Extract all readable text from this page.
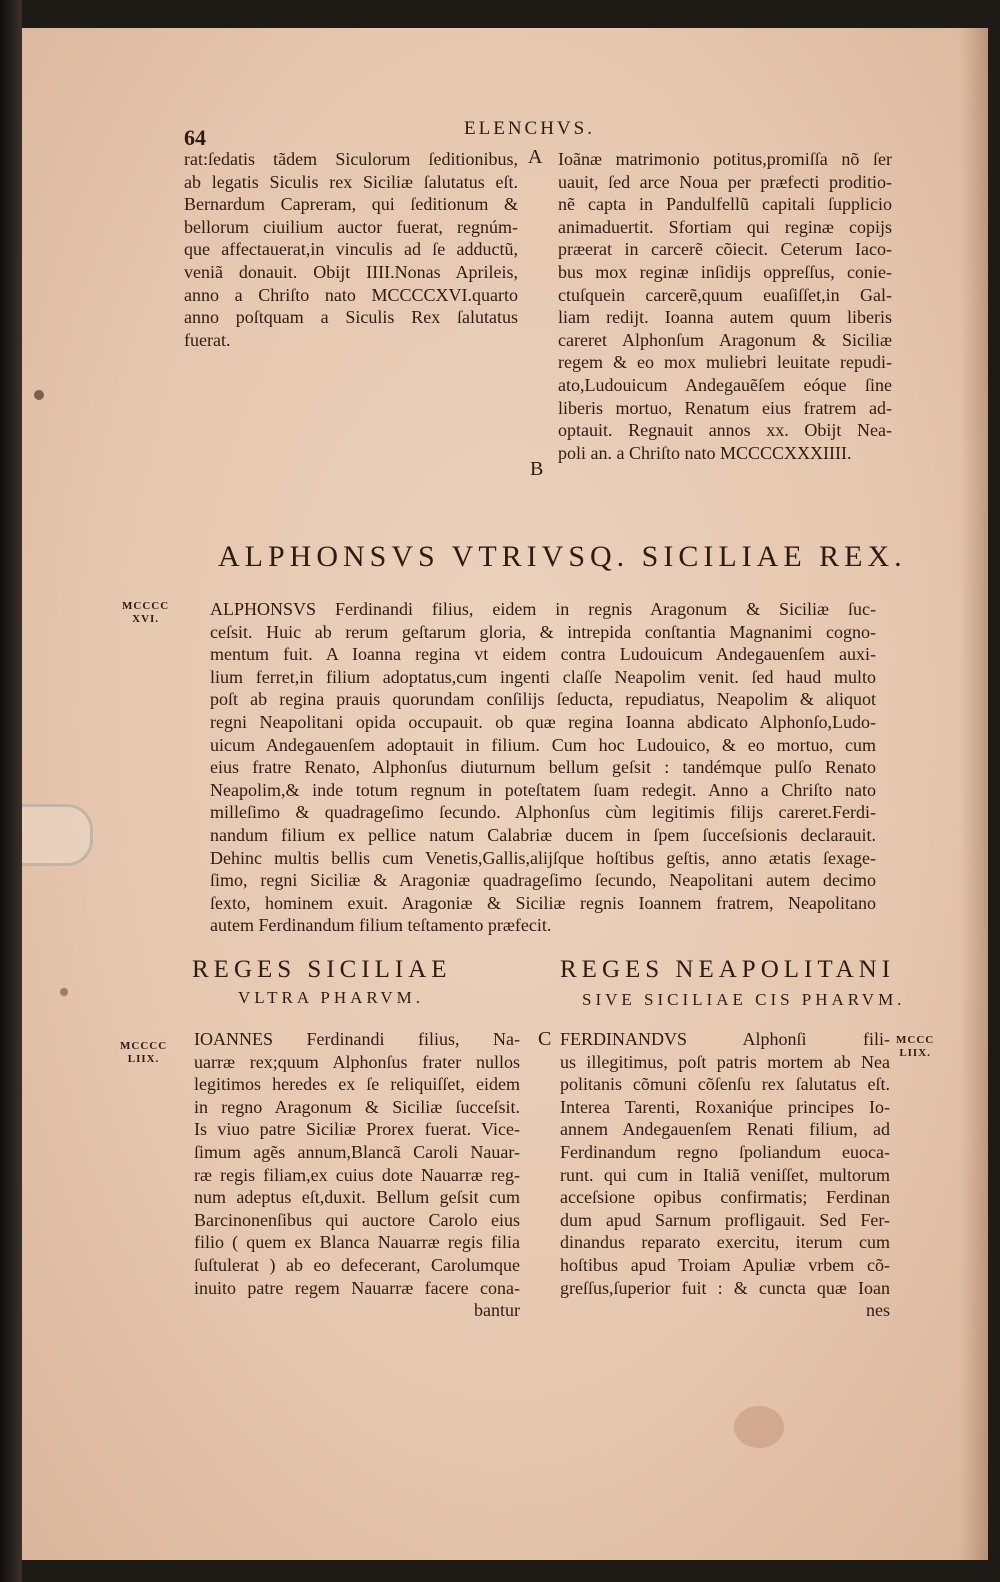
64	ELENCHVS.
rat:ſedatis tãdem Siculorum ſeditionibus,
ab legatis Siculis rex Siciliæ ſalutatus eſt.
Bernardum Capreram, qui ſeditionum &
bellorum ciuilium auctor fuerat, regnúm-
que affectauerat,in vinculis ad ſe adductũ,
veniã donauit. Obijt IIII.Nonas Aprileis,
anno a Chriſto nato MCCCCXVI.quarto
anno poſtquam a Siculis Rex ſalutatus
fuerat.
A
B
Ioãnæ matrimonio potitus,promiſſa nõ ſer
uauit, ſed arce Noua per præfecti proditio-
nẽ capta in Pandulfellũ capitali ſupplicio
animaduertit. Sfortiam qui reginæ copijs
præerat in carcerẽ cõiecit. Ceterum Iaco-
bus mox reginæ inſidijs oppreſſus, conie-
ctuſquein carcerẽ,quum euaſiſſet,in Gal-
liam redijt. Ioanna autem quum liberis
careret Alphonſum Aragonum & Siciliæ
regem & eo mox muliebri leuitate repudi-
ato,Ludouicum Andegauẽſem eóque ſine
liberis mortuo, Renatum eius fratrem ad-
optauit. Regnauit annos xx. Obijt Nea-
poli an. a Chriſto nato MCCCCXXXIIII.
ALPHONSVS VTRIVSQ. SICILIAE REX.
MCCCC
XVI.	ALPHONSVS Ferdinandi filius, eidem in regnis Aragonum & Siciliæ ſuc-
ceſsit. Huic ab rerum geſtarum gloria, & intrepida conſtantia Magnanimi cogno-
mentum fuit. A Ioanna regina vt eidem contra Ludouicum Andegauenſem auxi-
lium ferret,in filium adoptatus,cum ingenti claſſe Neapolim venit. ſed haud multo
poſt ab regina prauis quorundam conſilijs ſeducta, repudiatus, Neapolim & aliquot
regni Neapolitani opida occupauit. ob quæ regina Ioanna abdicato Alphonſo,Ludo-
uicum Andegauenſem adoptauit in filium. Cum hoc Ludouico, & eo mortuo, cum
eius fratre Renato, Alphonſus diuturnum bellum geſsit : tandémque pulſo Renato
Neapolim,& inde totum regnum in poteſtatem ſuam redegit. Anno a Chriſto nato
milleſimo & quadrageſimo ſecundo. Alphonſus cùm legitimis filijs careret.Ferdi-
nandum filium ex pellice natum Calabriæ ducem in ſpem ſucceſsionis declarauit.
Dehinc multis bellis cum Venetis,Gallis,alijſque hoſtibus geſtis, anno ætatis ſexage-
ſimo, regni Siciliæ & Aragoniæ quadrageſimo ſecundo, Neapolitani autem decimo
ſexto, hominem exuit. Aragoniæ & Siciliæ regnis Ioannem fratrem, Neapolitano
autem Ferdinandum filium teſtamento præfecit.
REGES SICILIAE
VLTRA PHARVM.
REGES NEAPOLITANI
SIVE SICILIAE CIS PHARVM.
MCCCC
LIIX.
MCCC
LIIX.
C
IOANNES Ferdinandi filius, Na-
uarræ rex;quum Alphonſus frater nullos
legitimos heredes ex ſe reliquiſſet, eidem
in regno Aragonum & Siciliæ ſucceſsit.
Is viuo patre Siciliæ Prorex fuerat. Vice-
ſimum agẽs annum,Blancã Caroli Nauar-
ræ regis filiam,ex cuius dote Nauarræ reg-
num adeptus eſt,duxit. Bellum geſsit cum
Barcinonenſibus qui auctore Carolo eius
filio ( quem ex Blanca Nauarræ regis filia
ſuſtulerat ) ab eo defecerant, Carolumque
inuito patre regem Nauarræ facere cona-
bantur
FERDINANDVS Alphonſi fili-
us illegitimus, poſt patris mortem ab Nea
politanis cõmuni cõſenſu rex ſalutatus eſt.
Interea Tarenti, Roxaniq́ue principes Io-
annem Andegauenſem Renati filium, ad
Ferdinandum regno ſpoliandum euoca-
runt. qui cum in Italiã veniſſet, multorum
acceſsione opibus confirmatis; Ferdinan
dum apud Sarnum profligauit. Sed Fer-
dinandus reparato exercitu, iterum cum
hoſtibus apud Troiam Apuliæ vrbem cõ-
greſſus,ſuperior fuit : & cuncta quæ Ioan
nes
